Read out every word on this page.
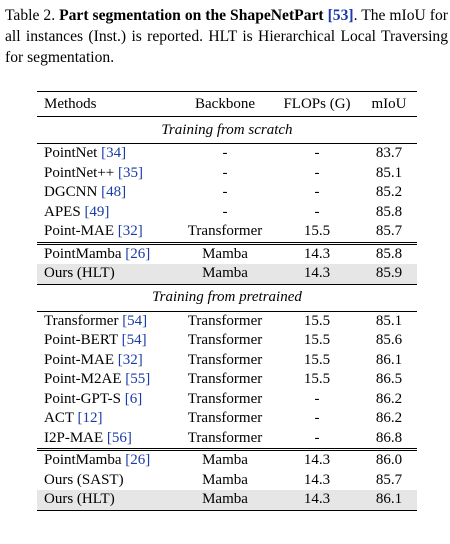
Table 2. Part segmentation on the ShapeNetPart [53]. The mIoU for all instances (Inst.) is reported. HLT is Hierarchical Local Traversing for segmentation.

Methods	Backbone	FLOPs (G)	mIoU
Training from scratch			
PointNet [34]	-	-	83.7
PointNet++ [35]	-	-	85.1
DGCNN [48]	-	-	85.2
APES [49]	-	-	85.8
Point-MAE [32]	Transformer	15.5	85.7
PointMamba [26]	Mamba	14.3	85.8
Ours (HLT)	Mamba	14.3	85.9
Training from pretrained			
Transformer [54]	Transformer	15.5	85.1
Point-BERT [54]	Transformer	15.5	85.6
Point-MAE [32]	Transformer	15.5	86.1
Point-M2AE [55]	Transformer	15.5	86.5
Point-GPT-S [6]	Transformer	-	86.2
ACT [12]	Transformer	-	86.2
I2P-MAE [56]	Transformer	-	86.8
PointMamba [26]	Mamba	14.3	86.0
Ours (SAST)	Mamba	14.3	85.7
Ours (HLT)	Mamba	14.3	86.1
